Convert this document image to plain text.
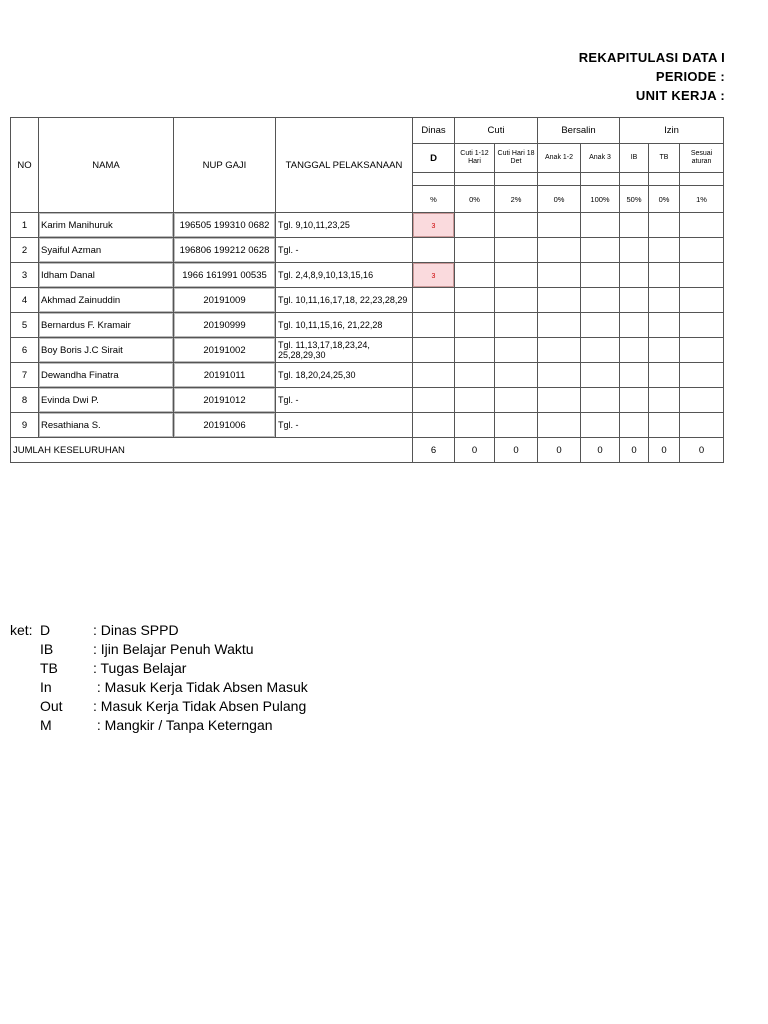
REKAPITULASI DATA I
PERIODE :
UNIT KERJA :
NO	NAMA	NUP GAJI	TANGGAL PELAKSANAAN	Dinas	Cuti		Bersalin		Izin		
				D	Cuti 1-12 Hari	Cuti Hari 18 Det	Anak 1-2	Anak 3	IB	TB	Sesuai aturan

				%	0%	2%	0%	100%	50%	0%	1%
1	Karim Manihuruk	196505 199310 0682	Tgl. 9,10,11,23,25	3							
2	Syaiful Azman	196806 199212 0628	Tgl. -								
3	Idham Danal	1966 161991 00535	Tgl. 2,4,8,9,10,13,15,16	3							
4	Akhmad Zainuddin	20191009	Tgl. 10,11,16,17,18, 22,23,28,29								
5	Bernardus F. Kramair	20190999	Tgl. 10,11,15,16, 21,22,28								
6	Boy Boris J.C Sirait	20191002	Tgl. 11,13,17,18,23,24, 25,28,29,30								
7	Dewandha Finatra	20191011	Tgl. 18,20,24,25,30								
8	Evinda Dwi P.	20191012	Tgl. -								
9	Resathiana S.	20191006	Tgl. -								
JUMLAH KESELURUHAN				6	0	0	0	0	0	0	0
ket: D	: Dinas SPPD
IB	: Ijin Belajar Penuh Waktu
TB	: Tugas Belajar
In	: Masuk Kerja Tidak Absen Masuk
Out : Masuk Kerja Tidak Absen Pulang
M	: Mangkir / Tanpa Keterngan
